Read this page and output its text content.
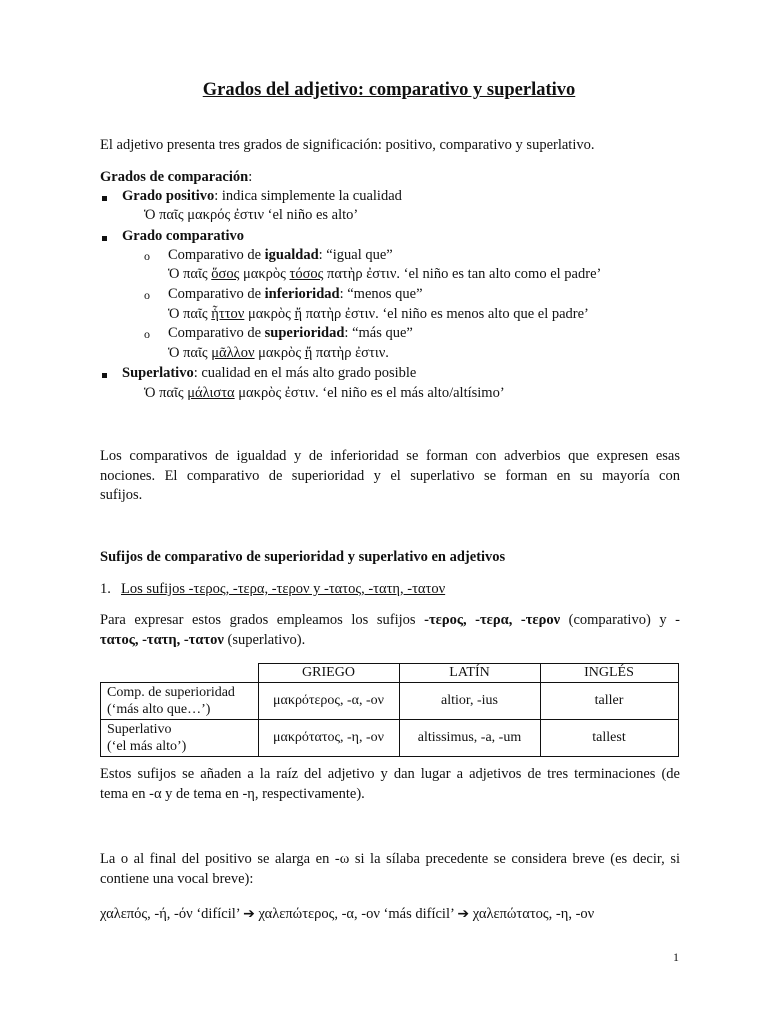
Grados del adjetivo: comparativo y superlativo
El adjetivo presenta tres grados de significación: positivo, comparativo y superlativo.
Grados de comparación:
Grado positivo: indica simplemente la cualidad
Ὁ παῖς μακρός ἐστιν ‘el niño es alto’
Grado comparativo
o Comparativo de igualdad: “igual que”
Ὁ παῖς ὅσος μακρὸς τόσος πατὴρ ἐστιν. ‘el niño es tan alto como el padre’
o Comparativo de inferioridad: “menos que”
Ὁ παῖς ἧττον μακρὸς ἤ πατὴρ ἐστιν. ‘el niño es menos alto que el padre’
o Comparativo de superioridad: “más que”
Ὁ παῖς μᾶλλον μακρὸς ἤ πατὴρ ἐστιν.
Superlativo: cualidad en el más alto grado posible
Ὁ παῖς μάλιστα μακρὸς ἐστιν. ‘el niño es el más alto/altísimo’
Los comparativos de igualdad y de inferioridad se forman con adverbios que expresen esas
nociones. El comparativo de superioridad y el superlativo se forman en su mayoría con
sufijos.
Sufijos de comparativo de superioridad y superlativo en adjetivos
1. Los sufijos -τερος, -τερα, -τερον y -τατος, -τατη, -τατον
Para expresar estos grados empleamos los sufijos -τερος, -τερα, -τερον (comparativo) y -
τατος, -τατη, -τατον (superlativo).
	GRIEGO	LATÍN	INGLÉS
Comp. de superioridad
(‘más alto que…’)	μακρότερος, -α, -ον	altior, -ius	taller
Superlativo
(‘el más alto’)	μακρότατος, -η, -ον	altissimus, -a, -um	tallest
Estos sufijos se añaden a la raíz del adjetivo y dan lugar a adjetivos de tres terminaciones (de
tema en -α y de tema en -η, respectivamente).
La o al final del positivo se alarga en -ω si la sílaba precedente se considera breve (es decir, si
contiene una vocal breve):
χαλεπός, -ή, -όν ‘difícil’ ➔ χαλεπώτερος, -α, -ον ‘más difícil’ ➔ χαλεπώτατος, -η, -ον
1
